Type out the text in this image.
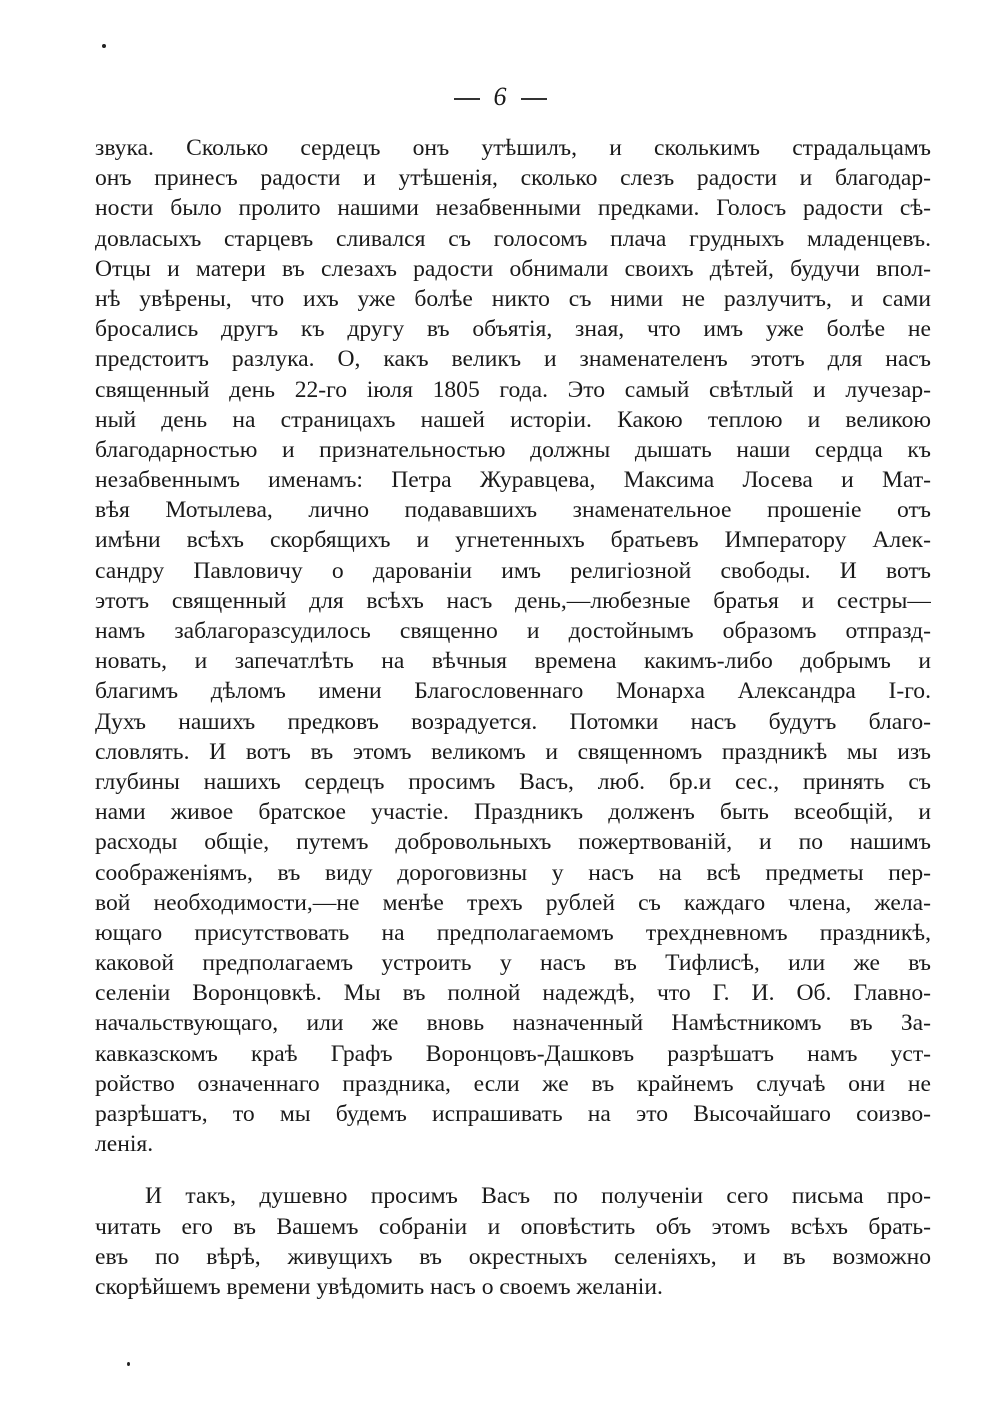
6
звука. Сколько сердецъ онъ утѣшилъ, и сколькимъ страдальцамъ
онъ принесъ радости и утѣшенія, сколько слезъ радости и благодар-
ности было пролито нашими незабвенными предками. Голосъ радости сѣ-
довласыхъ старцевъ сливался съ голосомъ плача грудныхъ младенцевъ.
Отцы и матери въ слезахъ радости обнимали своихъ дѣтей, будучи впол-
нѣ увѣрены, что ихъ уже болѣе никто съ ними не разлучитъ, и сами
бросались другъ къ другу въ объятія, зная, что имъ уже болѣе не
предстоитъ разлука. О, какъ великъ и знаменателенъ этотъ для насъ
священный день 22-го іюля 1805 года. Это самый свѣтлый и лучезар-
ный день на страницахъ нашей исторіи. Какою теплою и великою
благодарностью и признательностью должны дышать наши сердца къ
незабвеннымъ именамъ: Петра Журавцева, Максима Лосева и Мат-
вѣя Мотылева, лично подававшихъ знаменательное прошеніе отъ
имѣни всѣхъ скорбящихъ и угнетенныхъ братьевъ Императору Алек-
сандру Павловичу о дарованіи имъ религіозной свободы. И вотъ
этотъ священный для всѣхъ насъ день,—любезные братья и сестры—
намъ заблагоразсудилось священно и достойнымъ образомъ отпразд-
новать, и запечатлѣть на вѣчныя времена какимъ-либо добрымъ и
благимъ дѣломъ имени Благословеннаго Монарха Александра I-го.
Духъ нашихъ предковъ возрадуется. Потомки насъ будутъ благо-
словлять. И вотъ въ этомъ великомъ и священномъ праздникѣ мы изъ
глубины нашихъ сердецъ просимъ Васъ, люб. бр.и сес., принять съ
нами живое братское участіе. Праздникъ долженъ быть всеобщій, и
расходы общіе, путемъ добровольныхъ пожертвованій, и по нашимъ
соображеніямъ, въ виду дороговизны у насъ на всѣ предметы пер-
вой необходимости,—не менѣе трехъ рублей съ каждаго члена, жела-
ющаго присутствовать на предполагаемомъ трехдневномъ праздникѣ,
каковой предполагаемъ устроить у насъ въ Тифлисѣ, или же въ
селеніи Воронцовкѣ. Мы въ полной надеждѣ, что Г. И. Об. Главно-
начальствующаго, или же вновь назначенный Намѣстникомъ въ За-
кавказскомъ краѣ Графъ Воронцовъ-Дашковъ разрѣшатъ намъ уст-
ройство означеннаго праздника, если же въ крайнемъ случаѣ они не
разрѣшатъ, то мы будемъ испрашивать на это Высочайшаго соизво-
ленія.
И такъ, душевно просимъ Васъ по полученіи сего письма про-
читать его въ Вашемъ собраніи и оповѣстить объ этомъ всѣхъ брать-
евъ по вѣрѣ, живущихъ въ окрестныхъ селеніяхъ, и въ возможно
скорѣйшемъ времени увѣдомить насъ о своемъ желаніи.
